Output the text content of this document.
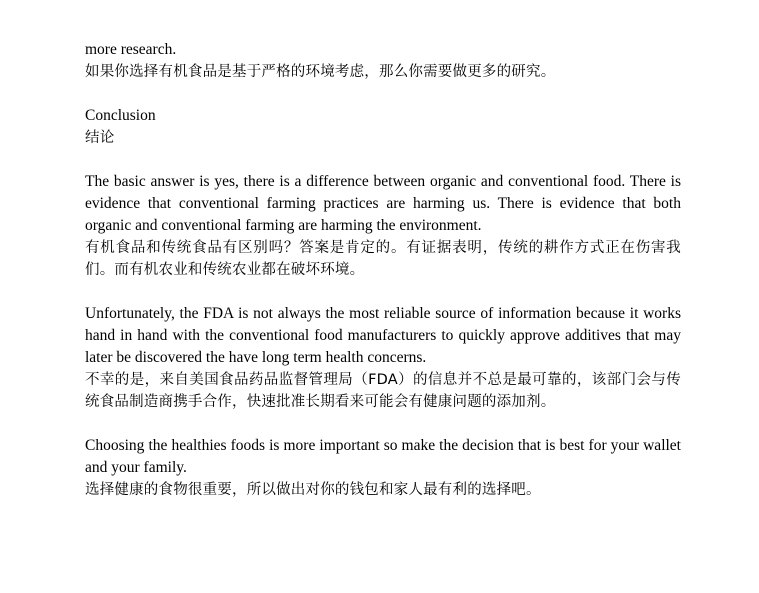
more research.

如果你选择有机食品是基于严格的环境考虑，那么你需要做更多的研究。

Conclusion

结论

The basic answer is yes, there is a difference between organic and conventional food. There is evidence that conventional farming practices are harming us. There is evidence that both organic and conventional farming are harming the environment.

有机食品和传统食品有区别吗？答案是肯定的。有证据表明，传统的耕作方式正在伤害我们。而有机农业和传统农业都在破坏环境。

Unfortunately, the FDA is not always the most reliable source of information because it works hand in hand with the conventional food manufacturers to quickly approve additives that may later be discovered the have long term health concerns.

不幸的是，来自美国食品药品监督管理局（FDA）的信息并不总是最可靠的，该部门会与传统食品制造商携手合作，快速批准长期看来可能会有健康问题的添加剂。

Choosing the healthies foods is more important so make the decision that is best for your wallet and your family.

选择健康的食物很重要，所以做出对你的钱包和家人最有利的选择吧。
